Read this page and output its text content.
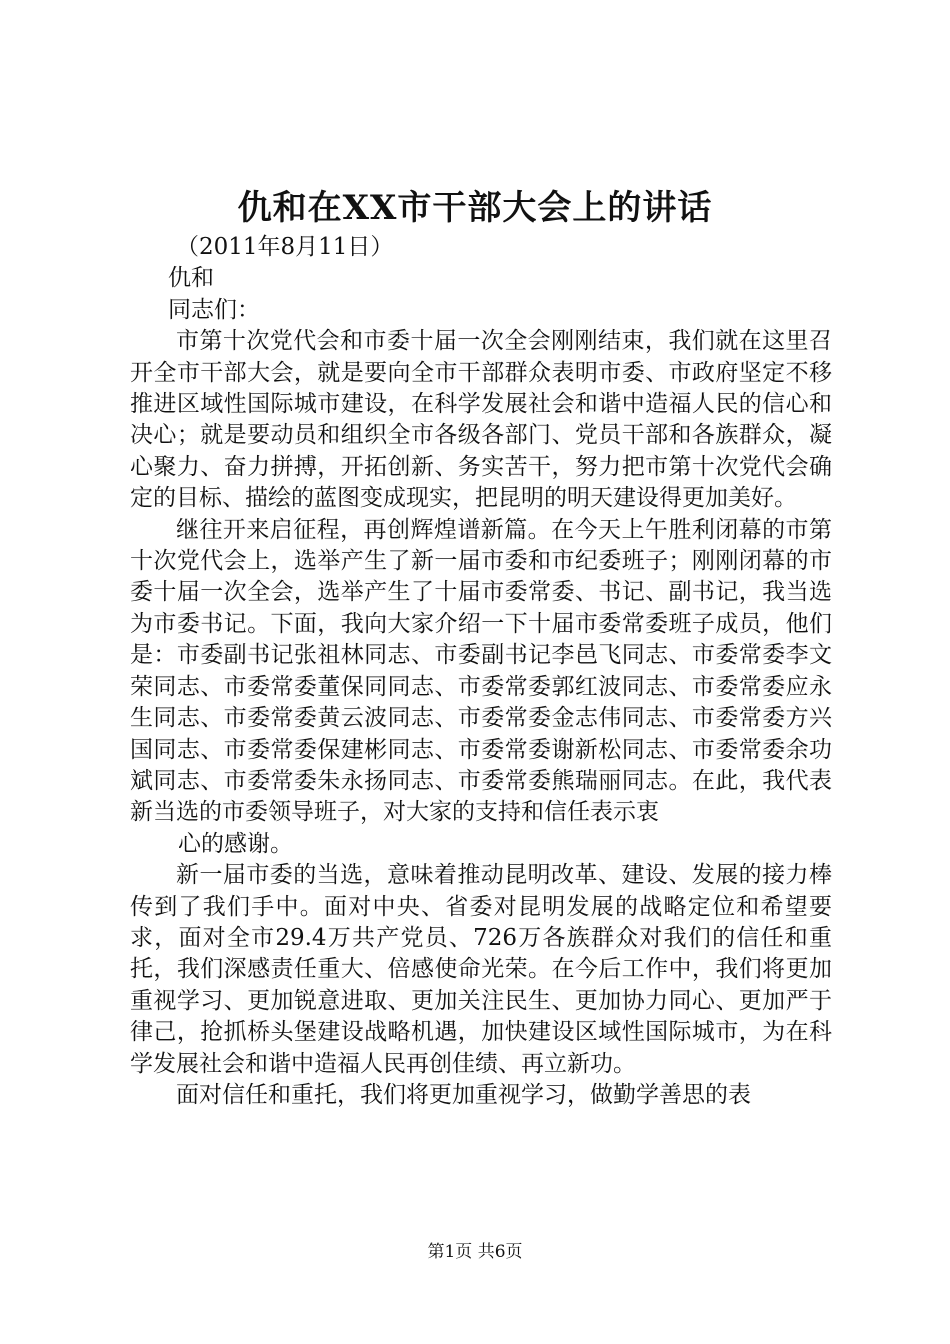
仇和在XX市干部大会上的讲话
（2011年8月11日）
仇和
同志们：

市第十次党代会和市委十届一次全会刚刚结束，我们就在这里召开全市干部大会，就是要向全市干部群众表明市委、市政府坚定不移推进区域性国际城市建设，在科学发展社会和谐中造福人民的信心和决心；就是要动员和组织全市各级各部门、党员干部和各族群众，凝心聚力、奋力拼搏，开拓创新、务实苦干，努力把市第十次党代会确定的目标、描绘的蓝图变成现实，把昆明的明天建设得更加美好。

继往开来启征程，再创辉煌谱新篇。在今天上午胜利闭幕的市第十次党代会上，选举产生了新一届市委和市纪委班子；刚刚闭幕的市委十届一次全会，选举产生了十届市委常委、书记、副书记，我当选为市委书记。下面，我向大家介绍一下十届市委常委班子成员，他们是：市委副书记张祖林同志、市委副书记李邑飞同志、市委常委李文荣同志、市委常委董保同同志、市委常委郭红波同志、市委常委应永生同志、市委常委黄云波同志、市委常委金志伟同志、市委常委方兴国同志、市委常委保建彬同志、市委常委谢新松同志、市委常委余功斌同志、市委常委朱永扬同志、市委常委熊瑞丽同志。在此，我代表新当选的市委领导班子，对大家的支持和信任表示衷

心的感谢。

新一届市委的当选，意味着推动昆明改革、建设、发展的接力棒传到了我们手中。面对中央、省委对昆明发展的战略定位和希望要求，面对全市29.4万共产党员、726万各族群众对我们的信任和重托，我们深感责任重大、倍感使命光荣。在今后工作中，我们将更加重视学习、更加锐意进取、更加关注民生、更加协力同心、更加严于律己，抢抓桥头堡建设战略机遇，加快建设区域性国际城市，为在科学发展社会和谐中造福人民再创佳绩、再立新功。

面对信任和重托，我们将更加重视学习，做勤学善思的表

第1页 共6页
